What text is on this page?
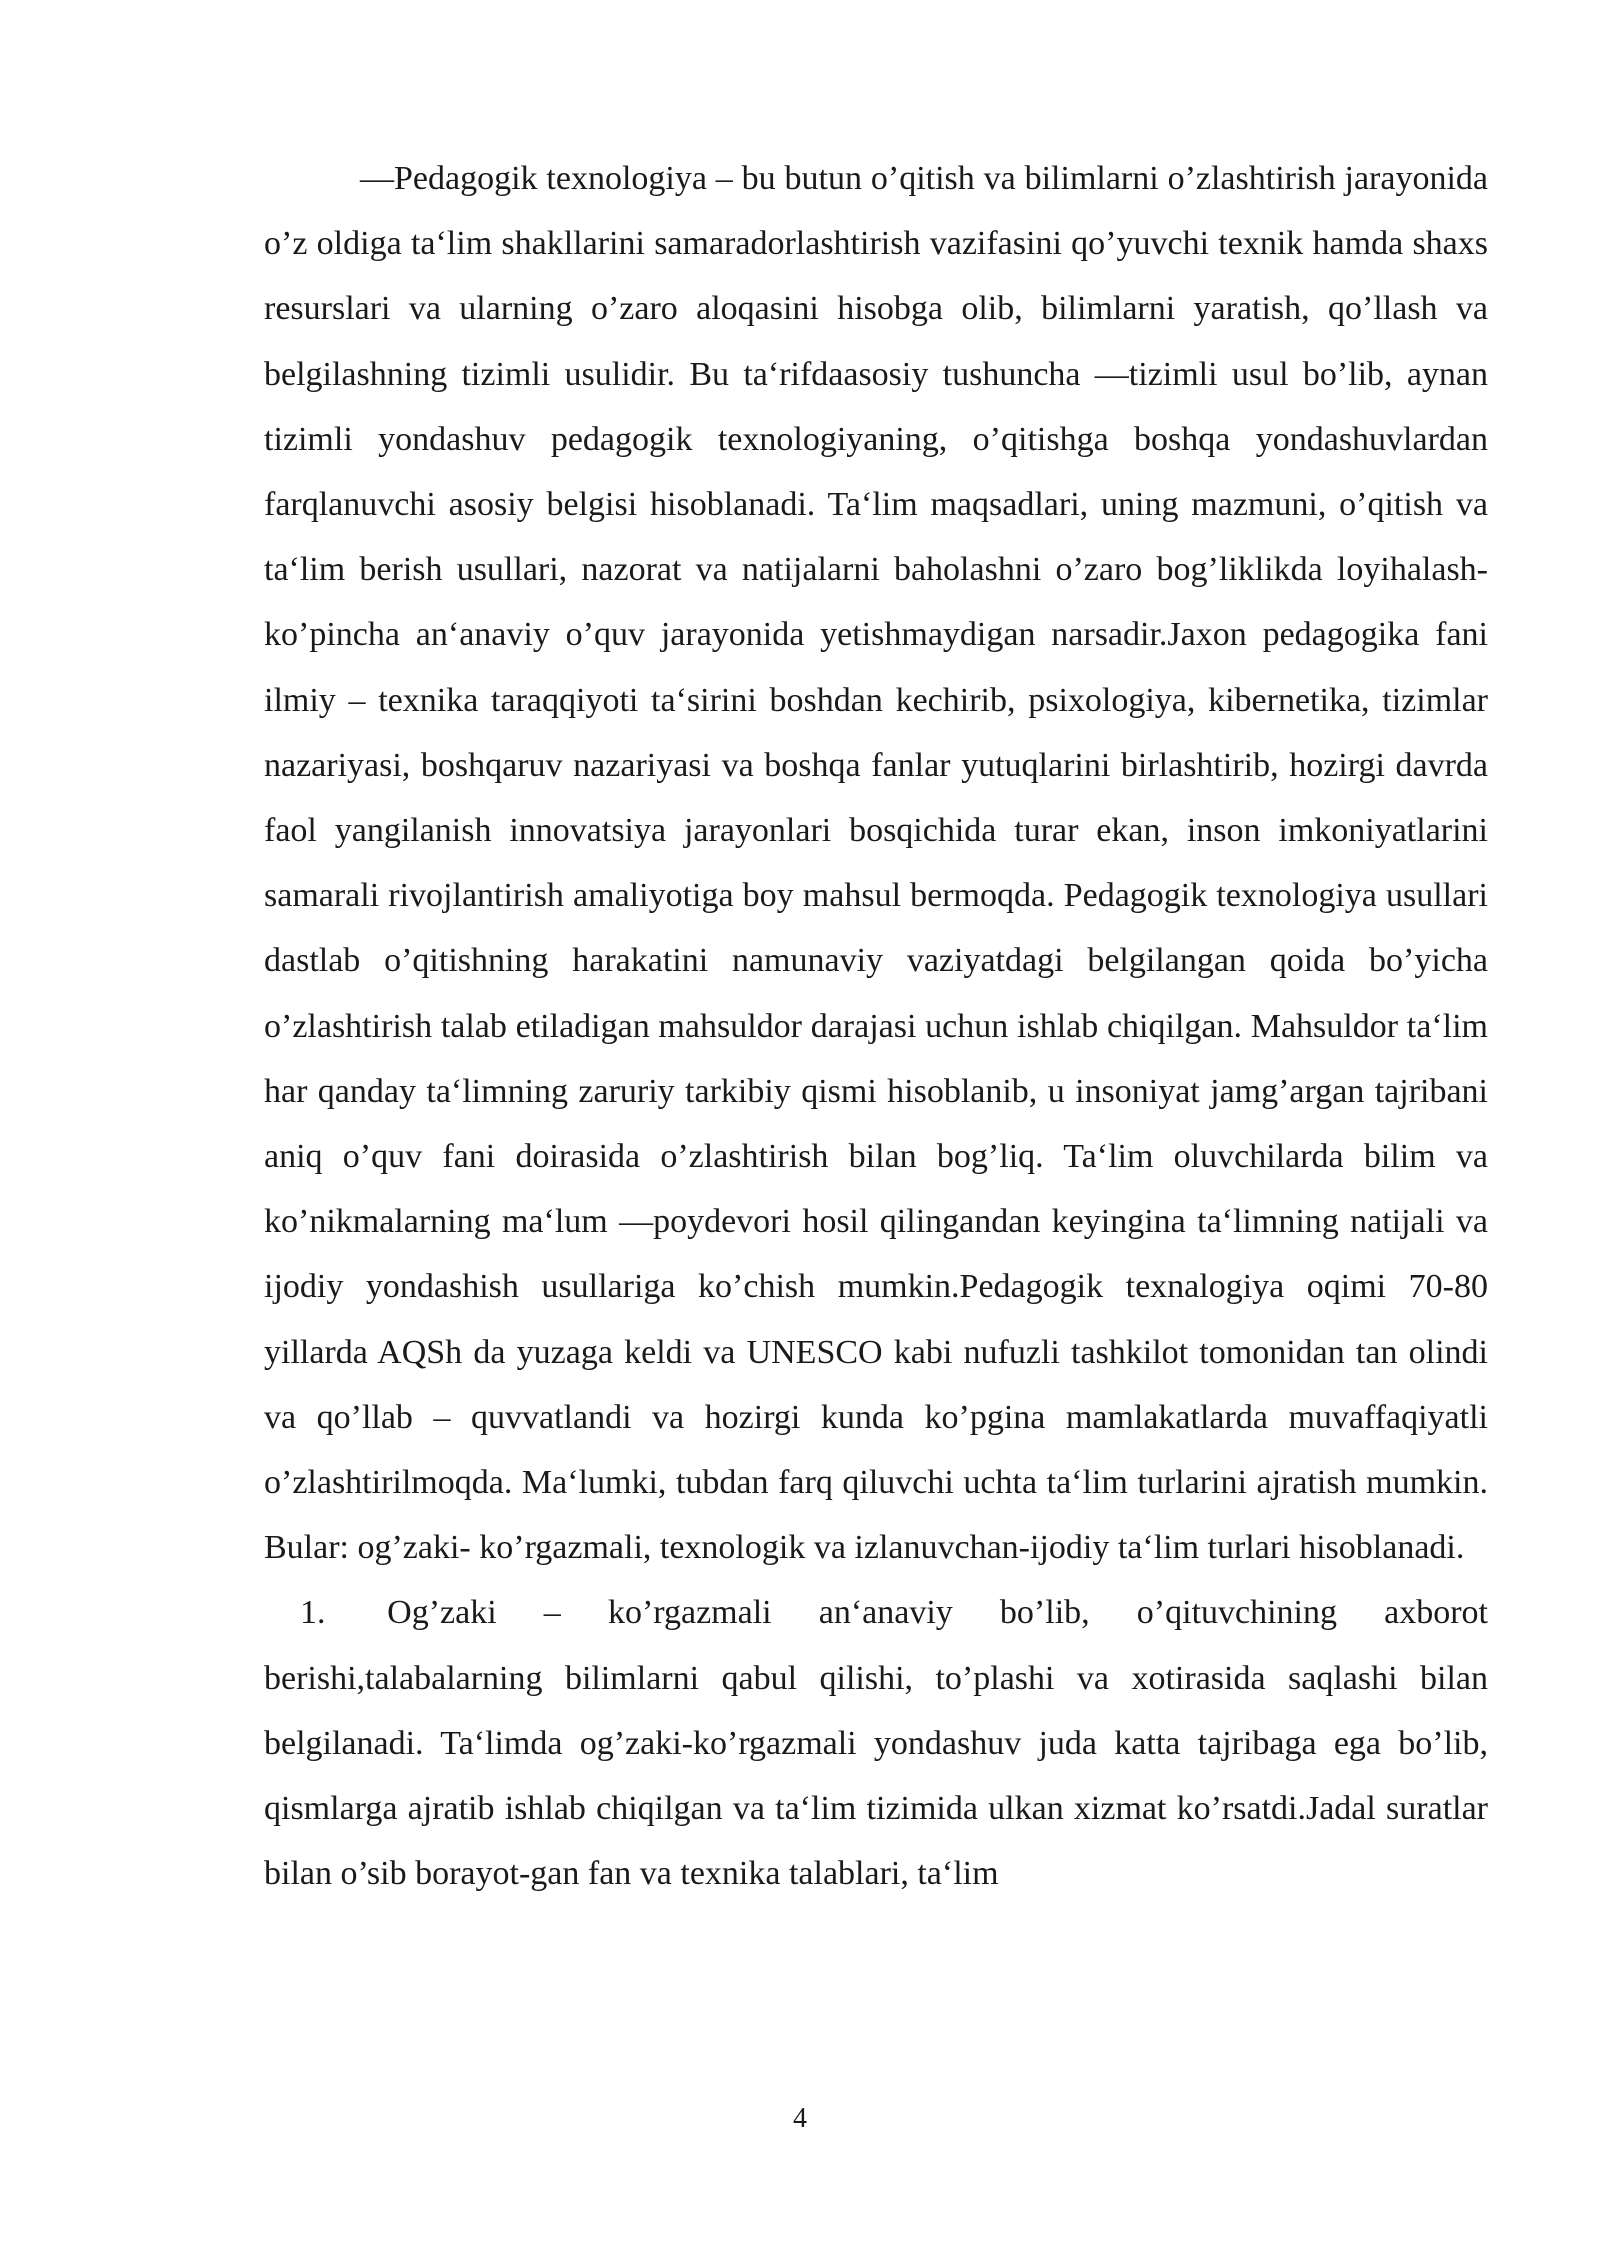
—Pedagogik texnologiya – bu butun o’qitish va bilimlarni o’zlashtirish jarayonida o’z oldiga ta‘lim shakllarini samaradorlashtirish vazifasini qo’yuvchi texnik hamda shaxs resurslari va ularning o’zaro aloqasini hisobga olib, bilimlarni yaratish, qo’llash va belgilashning tizimli usulidir. Bu ta‘rifdaasosiy tushuncha —tizimli usul bo’lib, aynan tizimli yondashuv pedagogik texnologiyaning, o’qitishga boshqa yondashuvlardan farqlanuvchi asosiy belgisi hisoblanadi. Ta‘lim maqsadlari, uning mazmuni, o’qitish va ta‘lim berish usullari, nazorat va natijalarni baholashni o’zaro bog’liklikda loyihalash-ko’pincha an‘anaviy o’quv jarayonida yetishmaydigan narsadir.Jaxon pedagogika fani ilmiy – texnika taraqqiyoti ta‘sirini boshdan kechirib, psixologiya, kibernetika, tizimlar nazariyasi, boshqaruv nazariyasi va boshqa fanlar yutuqlarini birlashtirib, hozirgi davrda faol yangilanish innovatsiya jarayonlari bosqichida turar ekan, inson imkoniyatlarini samarali rivojlantirish amaliyotiga boy mahsul bermoqda. Pedagogik texnologiya usullari dastlab o’qitishning harakatini namunaviy vaziyatdagi belgilangan qoida bo’yicha o’zlashtirish talab etiladigan mahsuldor darajasi uchun ishlab chiqilgan. Mahsuldor ta‘lim har qanday ta‘limning zaruriy tarkibiy qismi hisoblanib, u insoniyat jamg’argan tajribani aniq o’quv fani doirasida o’zlashtirish bilan bog’liq. Ta‘lim oluvchilarda bilim va ko’nikmalarning ma‘lum —poydevori hosil qilingandan keyingina ta‘limning natijali va ijodiy yondashish usullariga ko’chish mumkin.Pedagogik texnalogiya oqimi 70-80 yillarda AQSh da yuzaga keldi va UNESCO kabi nufuzli tashkilot tomonidan tan olindi va qo’llab – quvvatlandi va hozirgi kunda ko’pgina mamlakatlarda muvaffaqiyatli o’zlashtirilmoqda. Ma‘lumki, tubdan farq qiluvchi uchta ta‘lim turlarini ajratish mumkin. Bular: og’zaki- ko’rgazmali, texnologik va izlanuvchan-ijodiy ta‘lim turlari hisoblanadi.

1. Og’zaki – ko’rgazmali an‘anaviy bo’lib, o’qituvchining axborot berishi,talabalarning bilimlarni qabul qilishi, to’plashi va xotirasida saqlashi bilan belgilanadi. Ta‘limda og’zaki-ko’rgazmali yondashuv juda katta tajribaga ega bo’lib, qismlarga ajratib ishlab chiqilgan va ta‘lim tizimida ulkan xizmat ko’rsatdi.Jadal suratlar bilan o’sib borayot-gan fan va texnika talablari, ta‘lim

4
